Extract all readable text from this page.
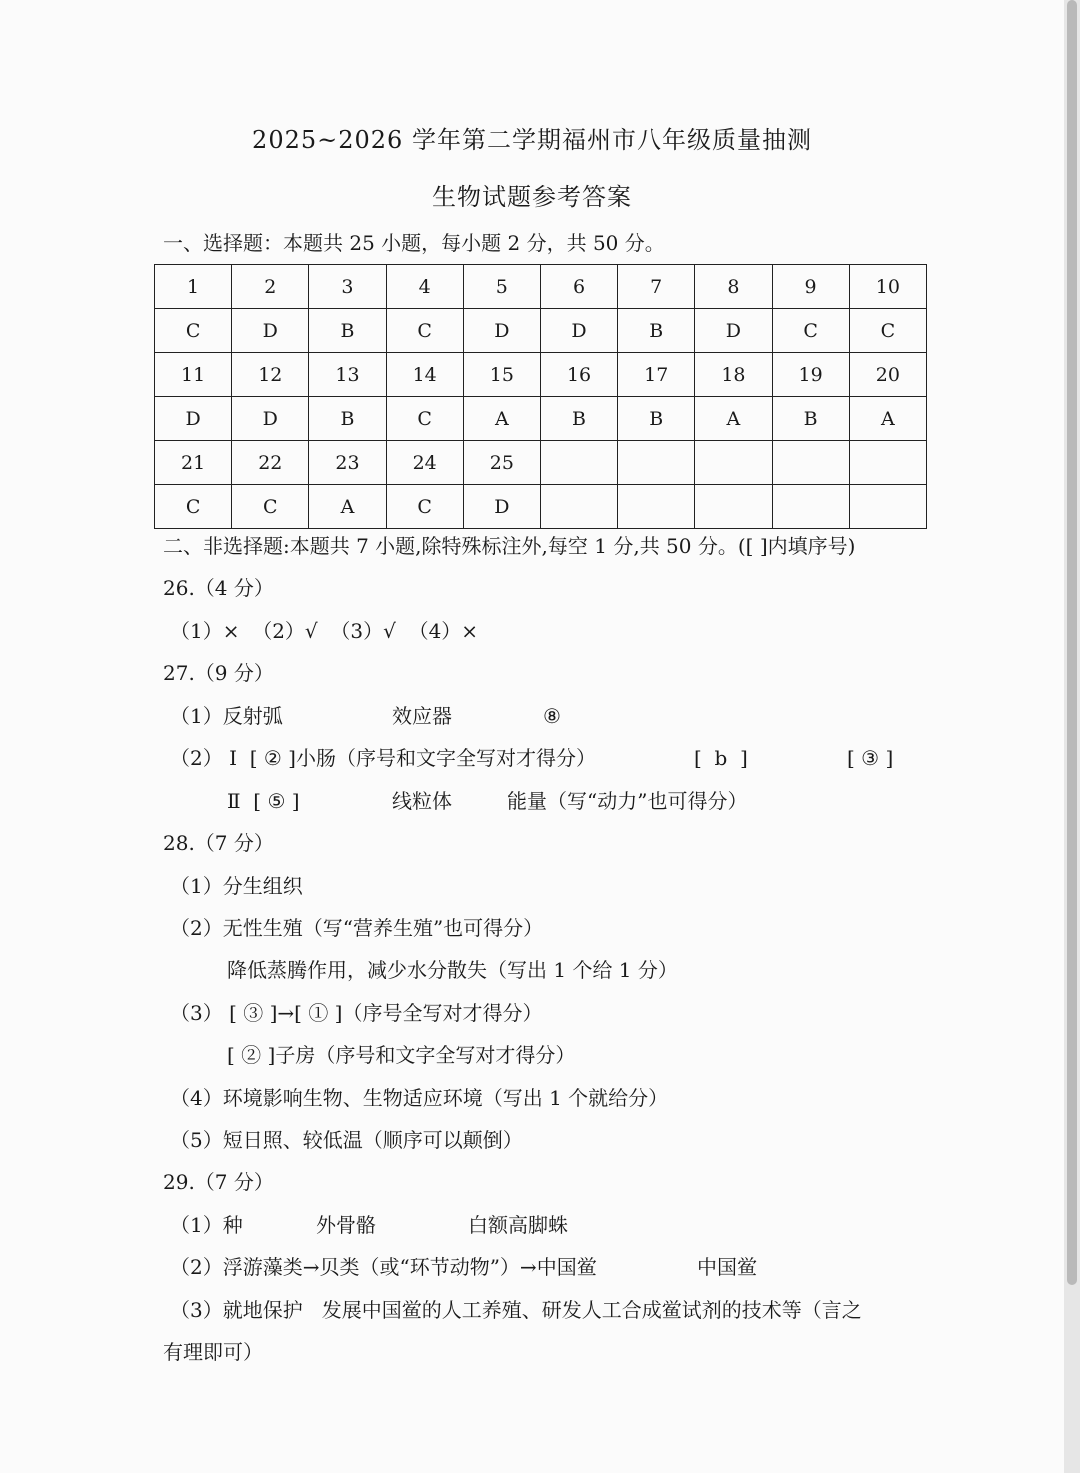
2025~2026 学年第二学期福州市八年级质量抽测
生物试题参考答案
一、选择题：本题共 25 小题，每小题 2 分，共 50 分。
1	2	3	4	5	6	7	8	9	10
C	D	B	C	D	D	B	D	C	C
11	12	13	14	15	16	17	18	19	20
D	D	B	C	A	B	B	A	B	A
21	22	23	24	25					
C	C	A	C	D					
二、非选择题:本题共 7 小题,除特殊标注外,每空 1 分,共 50 分。([ ]内填序号)
26.（4 分）
（1）×  （2）√  （3）√  （4）×
27.（9 分）
（1）反射弧	效应器	⑧
（2） Ⅰ  [ ② ]小肠（序号和文字全写对才得分）	[  b  ]	[ ③ ]
Ⅱ  [ ⑤ ]	线粒体	能量（写“动力”也可得分）
28.（7 分）
（1）分生组织
（2）无性生殖（写“营养生殖”也可得分）
降低蒸腾作用，减少水分散失（写出 1 个给 1 分）
（3） [ ③ ]→[ ① ]（序号全写对才得分）
[ ② ]子房（序号和文字全写对才得分）
（4）环境影响生物、生物适应环境（写出 1 个就给分）
（5）短日照、较低温（顺序可以颠倒）
29.（7 分）
（1）种	外骨骼	白额高脚蛛
（2）浮游藻类→贝类（或“环节动物”）→中国鲎	中国鲎
（3）就地保护   发展中国鲎的人工养殖、研发人工合成鲎试剂的技术等（言之
有理即可）
